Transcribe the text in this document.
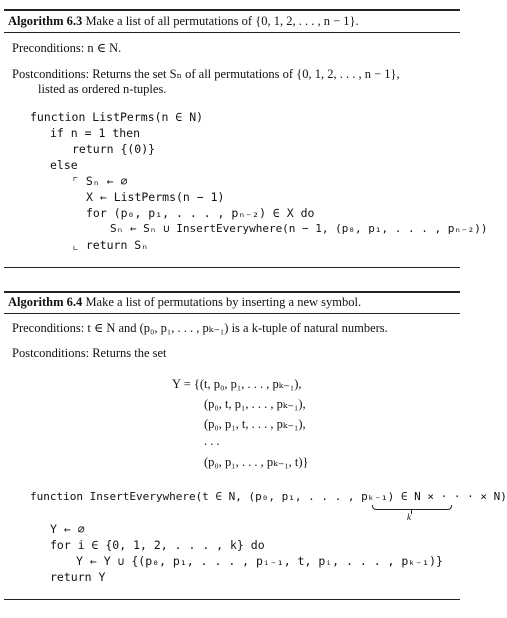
Algorithm 6.3 Make a list of all permutations of {0, 1, 2, . . . , n − 1}.
Preconditions: n ∈ N.
Postconditions: Returns the set Sₙ of all permutations of {0, 1, 2, . . . , n − 1},
listed as ordered n-tuples.
function ListPerms(n ∈ N)
if n = 1 then
return {(0)}
else
⌜ Sₙ ← ∅
X ← ListPerms(n − 1)
for (p₀, p₁, . . . , pₙ₋₂) ∈ X do
Sₙ ← Sₙ ∪ InsertEverywhere(n − 1, (p₀, p₁, . . . , pₙ₋₂))
⌞ return Sₙ
Algorithm 6.4 Make a list of permutations by inserting a new symbol.
Preconditions: t ∈ N and (p₀, p₁, . . . , pₖ₋₁) is a k-tuple of natural numbers.
Postconditions: Returns the set
Y = {(t, p₀, p₁, . . . , pₖ₋₁),
(p₀, t, p₁, . . . , pₖ₋₁),
(p₀, p₁, t, . . . , pₖ₋₁),
. . .
(p₀, p₁, . . . , pₖ₋₁, t)}
function InsertEverywhere(t ∈ N, (p₀, p₁, . . . , pₖ₋₁) ∈ N × · · · × N)
k
Y ← ∅
for i ∈ {0, 1, 2, . . . , k} do
Y ← Y ∪ {(p₀, p₁, . . . , pᵢ₋₁, t, pᵢ, . . . , pₖ₋₁)}
return Y
